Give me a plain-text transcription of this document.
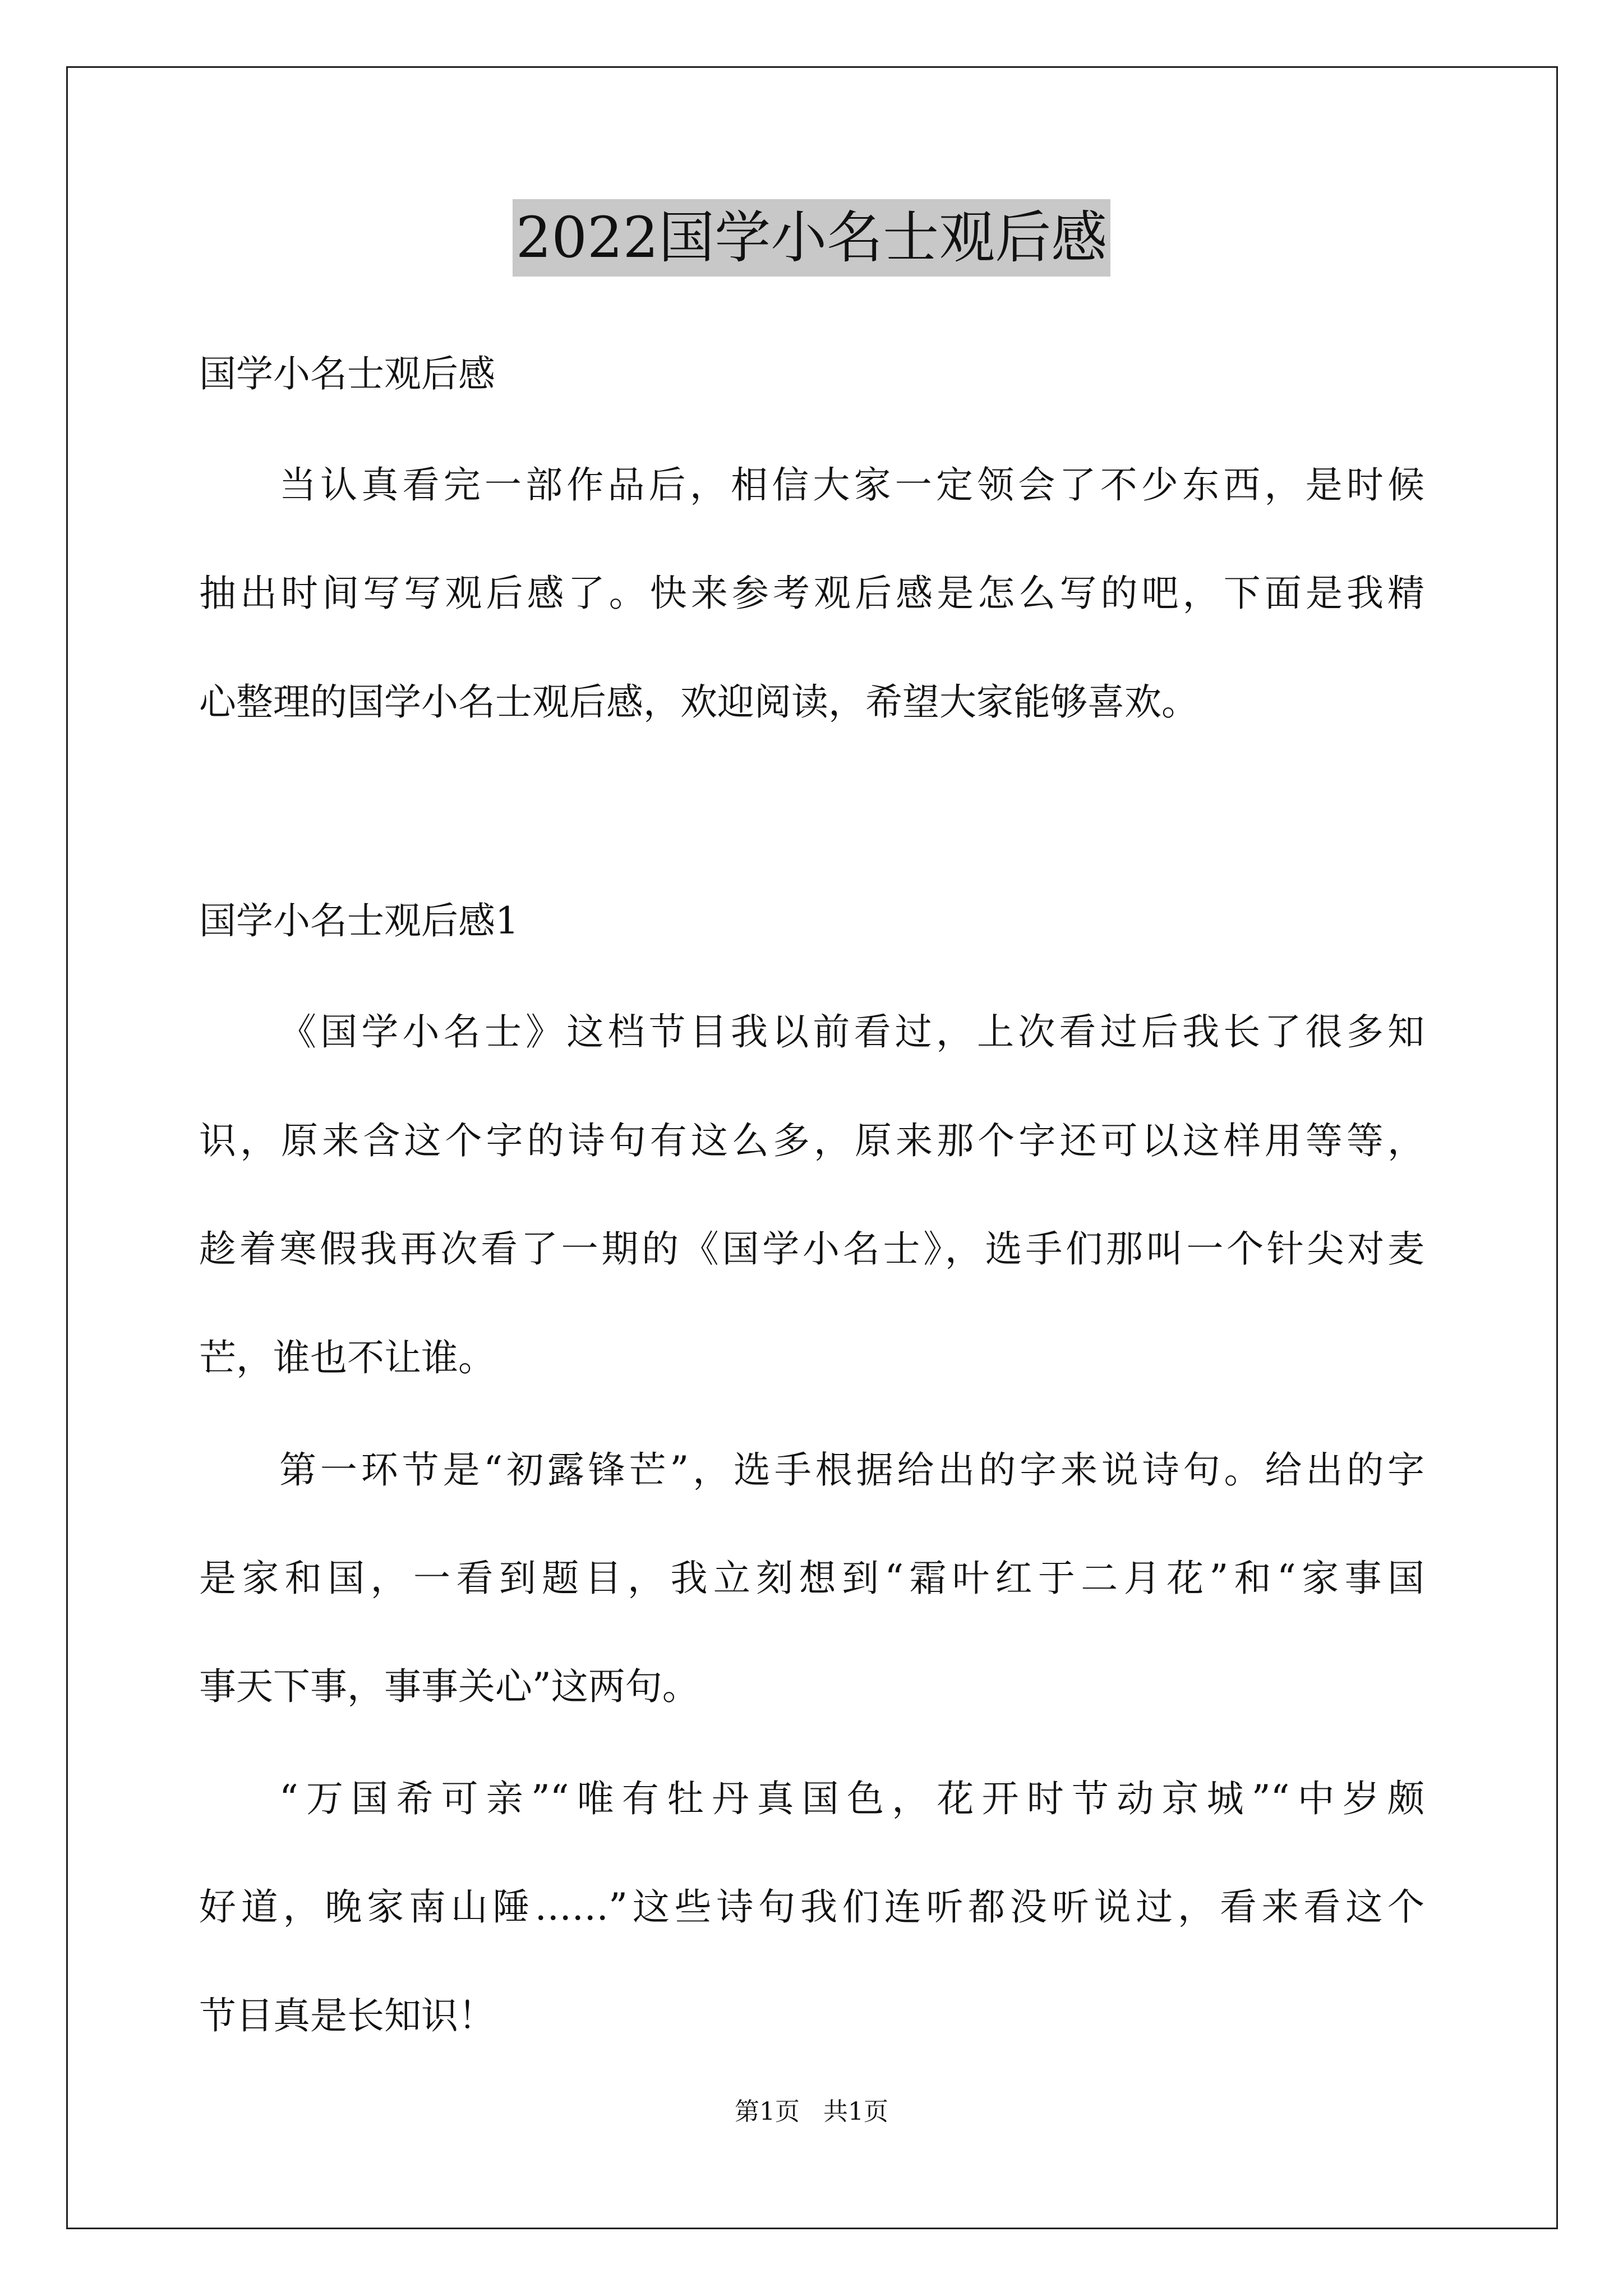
2022国学小名士观后感
国学小名士观后感
当认真看完一部作品后，相信大家一定领会了不少东西，是时候
抽出时间写写观后感了。快来参考观后感是怎么写的吧，下面是我精
心整理的国学小名士观后感，欢迎阅读，希望大家能够喜欢。
国学小名士观后感1
《国学小名士》这档节目我以前看过，上次看过后我长了很多知
识，原来含这个字的诗句有这么多，原来那个字还可以这样用等等，
趁着寒假我再次看了一期的《国学小名士》，选手们那叫一个针尖对麦
芒，谁也不让谁。
第一环节是“初露锋芒”，选手根据给出的字来说诗句。给出的字
是家和国，一看到题目，我立刻想到“霜叶红于二月花”和“家事国
事天下事，事事关心”这两句。
“万国希可亲”“唯有牡丹真国色，花开时节动京城”“中岁颇
好道，晚家南山陲……”这些诗句我们连听都没听说过，看来看这个
节目真是长知识！
第1页   共1页
